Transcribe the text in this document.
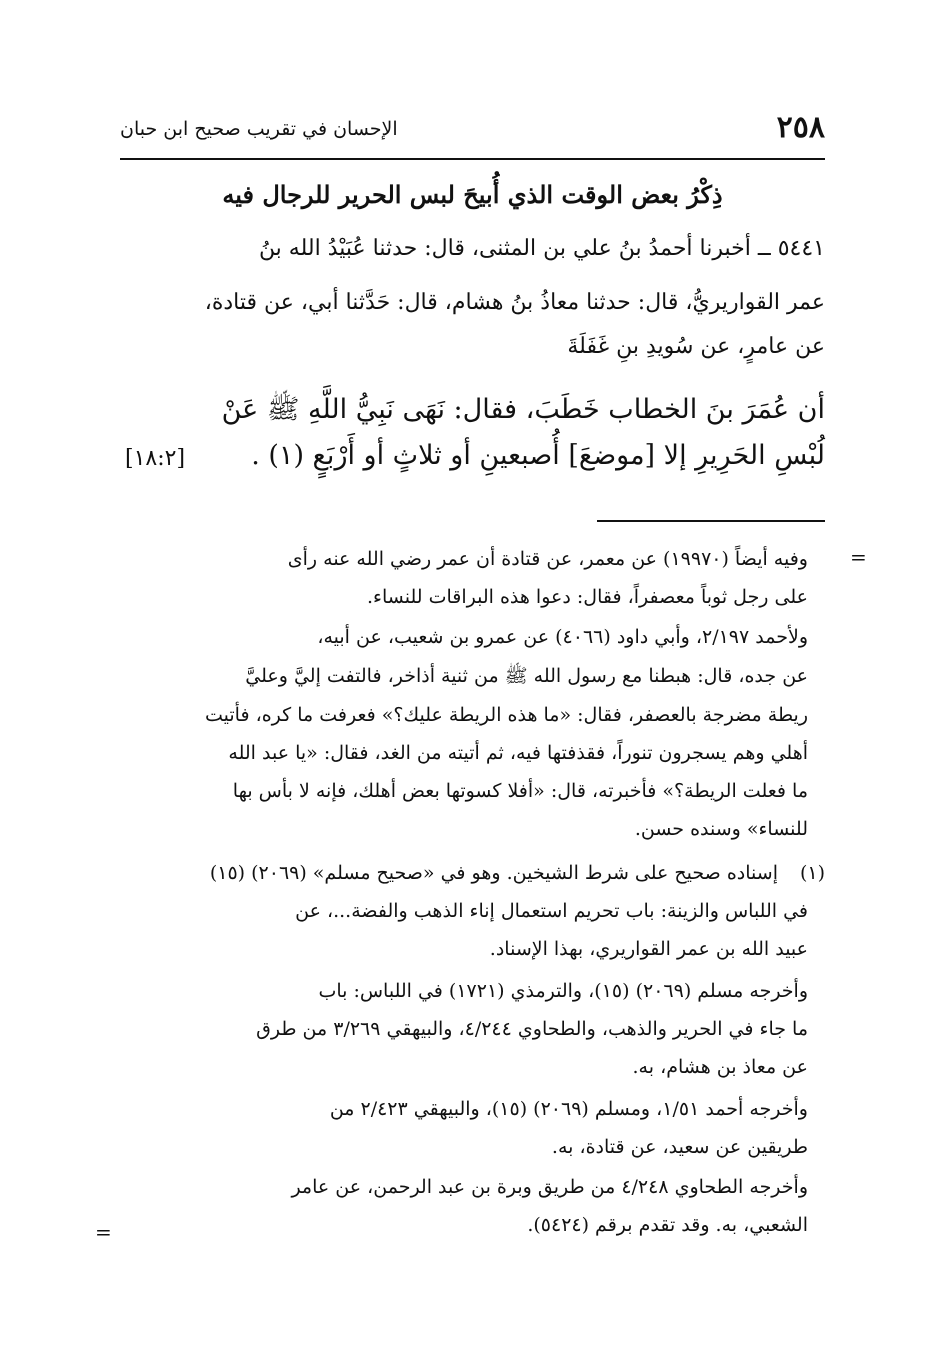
الإحسان في تقريب صحيح ابن حبان	٢٥٨
ذِكْرُ بعض الوقت الذي أُبيحَ لبس الحرير للرجال فيه
٥٤٤١ ــ أخبرنا أحمدُ بنُ علي بن المثنى، قال: حدثنا عُبَيْدُ الله بنُ
عمر القواريريُّ، قال: حدثنا معاذُ بنُ هشام، قال: حَدَّثنا أبي، عن قتادة،
عن عامرٍ، عن سُويدِ بنِ غَفَلَةَ
أن عُمَرَ بنَ الخطاب خَطَبَ، فقال: نَهَى نَبِيُّ اللَّهِ ﷺ عَنْ
لُبْسِ الحَرِيرِ إلا [موضعَ] أُصبعينِ أو ثلاثٍ أو أَرْبَعٍ (١) .
[١٨:٢]
=
وفيه أيضاً (١٩٩٧٠) عن معمر، عن قتادة أن عمر رضي الله عنه رأى
على رجل ثوباً معصفراً، فقال: دعوا هذه البراقات للنساء.
ولأحمد ٢/١٩٧، وأبي داود (٤٠٦٦) عن عمرو بن شعيب، عن أبيه،
عن جده، قال: هبطنا مع رسول الله ﷺ من ثنية أذاخر، فالتفت إليَّ وعليَّ
ريطة مضرجة بالعصفر، فقال: «ما هذه الريطة عليك؟» فعرفت ما كره، فأتيت
أهلي وهم يسجرون تنوراً، فقذفتها فيه، ثم أتيته من الغد، فقال: «يا عبد الله
ما فعلت الريطة؟» فأخبرته، قال: «أفلا كسوتها بعض أهلك، فإنه لا بأس بها
للنساء» وسنده حسن.
(١)
إسناده صحيح على شرط الشيخين. وهو في «صحيح مسلم» (٢٠٦٩) (١٥)
في اللباس والزينة: باب تحريم استعمال إناء الذهب والفضة...، عن
عبيد الله بن عمر القواريري، بهذا الإسناد.
وأخرجه مسلم (٢٠٦٩) (١٥)، والترمذي (١٧٢١) في اللباس: باب
ما جاء في الحرير والذهب، والطحاوي ٤/٢٤٤، والبيهقي ٣/٢٦٩ من طرق
عن معاذ بن هشام، به.
وأخرجه أحمد ١/٥١، ومسلم (٢٠٦٩) (١٥)، والبيهقي ٢/٤٢٣ من
طريقين عن سعيد، عن قتادة، به.
وأخرجه الطحاوي ٤/٢٤٨ من طريق وبرة بن عبد الرحمن، عن عامر
الشعبي، به. وقد تقدم برقم (٥٤٢٤).
=
